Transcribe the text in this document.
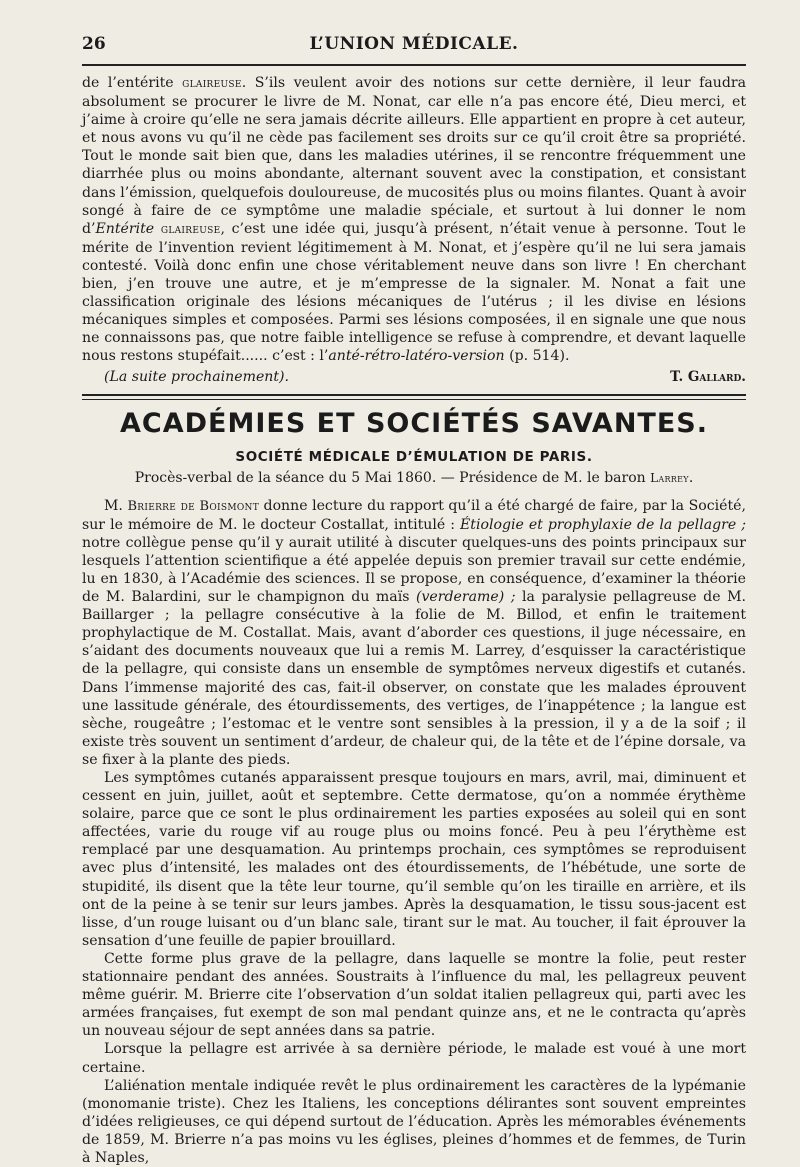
26	L’UNION MÉDICALE.

de l’entérite glaireuse. S’ils veulent avoir des notions sur cette dernière, il leur faudra absolument se procurer le livre de M. Nonat, car elle n’a pas encore été, Dieu merci, et j’aime à croire qu’elle ne sera jamais décrite ailleurs. Elle appartient en propre à cet auteur, et nous avons vu qu’il ne cède pas facilement ses droits sur ce qu’il croit être sa propriété. Tout le monde sait bien que, dans les maladies utérines, il se rencontre fréquemment une diarrhée plus ou moins abondante, alternant souvent avec la constipation, et consistant dans l’émission, quelquefois douloureuse, de mucosités plus ou moins filantes. Quant à avoir songé à faire de ce symptôme une maladie spéciale, et surtout à lui donner le nom d’Entérite glaireuse, c’est une idée qui, jusqu’à présent, n’était venue à personne. Tout le mérite de l’invention revient légitimement à M. Nonat, et j’espère qu’il ne lui sera jamais contesté. Voilà donc enfin une chose véritablement neuve dans son livre ! En cherchant bien, j’en trouve une autre, et je m’empresse de la signaler. M. Nonat a fait une classification originale des lésions mécaniques de l’utérus ; il les divise en lésions mécaniques simples et composées. Parmi ses lésions composées, il en signale une que nous ne connaissons pas, que notre faible intelligence se refuse à comprendre, et devant laquelle nous restons stupéfait...... c’est : l’anté-rétro-latéro-version (p. 514).

(La suite prochainement).	T. Gallard.
ACADÉMIES ET SOCIÉTÉS SAVANTES.
SOCIÉTÉ MÉDICALE D’ÉMULATION DE PARIS.
Procès-verbal de la séance du 5 Mai 1860. — Présidence de M. le baron Larrey.

M. Brierre de Boismont donne lecture du rapport qu’il a été chargé de faire, par la Société, sur le mémoire de M. le docteur Costallat, intitulé : Étiologie et prophylaxie de la pellagre ; notre collègue pense qu’il y aurait utilité à discuter quelques-uns des points principaux sur lesquels l’attention scientifique a été appelée depuis son premier travail sur cette endémie, lu en 1830, à l’Académie des sciences. Il se propose, en conséquence, d’examiner la théorie de M. Balardini, sur le champignon du maïs (verderame) ; la paralysie pellagreuse de M. Baillarger ; la pellagre consécutive à la folie de M. Billod, et enfin le traitement prophylactique de M. Costallat. Mais, avant d’aborder ces questions, il juge nécessaire, en s’aidant des documents nouveaux que lui a remis M. Larrey, d’esquisser la caractéristique de la pellagre, qui consiste dans un ensemble de symptômes nerveux digestifs et cutanés. Dans l’immense majorité des cas, fait-il observer, on constate que les malades éprouvent une lassitude générale, des étourdissements, des vertiges, de l’inappétence ; la langue est sèche, rougeâtre ; l’estomac et le ventre sont sensibles à la pression, il y a de la soif ; il existe très souvent un sentiment d’ardeur, de chaleur qui, de la tête et de l’épine dorsale, va se fixer à la plante des pieds.

Les symptômes cutanés apparaissent presque toujours en mars, avril, mai, diminuent et cessent en juin, juillet, août et septembre. Cette dermatose, qu’on a nommée érythème solaire, parce que ce sont le plus ordinairement les parties exposées au soleil qui en sont affectées, varie du rouge vif au rouge plus ou moins foncé. Peu à peu l’érythème est remplacé par une desquamation. Au printemps prochain, ces symptômes se reproduisent avec plus d’intensité, les malades ont des étourdissements, de l’hébétude, une sorte de stupidité, ils disent que la tête leur tourne, qu’il semble qu’on les tiraille en arrière, et ils ont de la peine à se tenir sur leurs jambes. Après la desquamation, le tissu sous-jacent est lisse, d’un rouge luisant ou d’un blanc sale, tirant sur le mat. Au toucher, il fait éprouver la sensation d’une feuille de papier brouillard.

Cette forme plus grave de la pellagre, dans laquelle se montre la folie, peut rester stationnaire pendant des années. Soustraits à l’influence du mal, les pellagreux peuvent même guérir. M. Brierre cite l’observation d’un soldat italien pellagreux qui, parti avec les armées françaises, fut exempt de son mal pendant quinze ans, et ne le contracta qu’après un nouveau séjour de sept années dans sa patrie.

Lorsque la pellagre est arrivée à sa dernière période, le malade est voué à une mort certaine.

L’aliénation mentale indiquée revêt le plus ordinairement les caractères de la lypémanie (monomanie triste). Chez les Italiens, les conceptions délirantes sont souvent empreintes d’idées religieuses, ce qui dépend surtout de l’éducation. Après les mémorables événements de 1859, M. Brierre n’a pas moins vu les églises, pleines d’hommes et de femmes, de Turin à Naples,
